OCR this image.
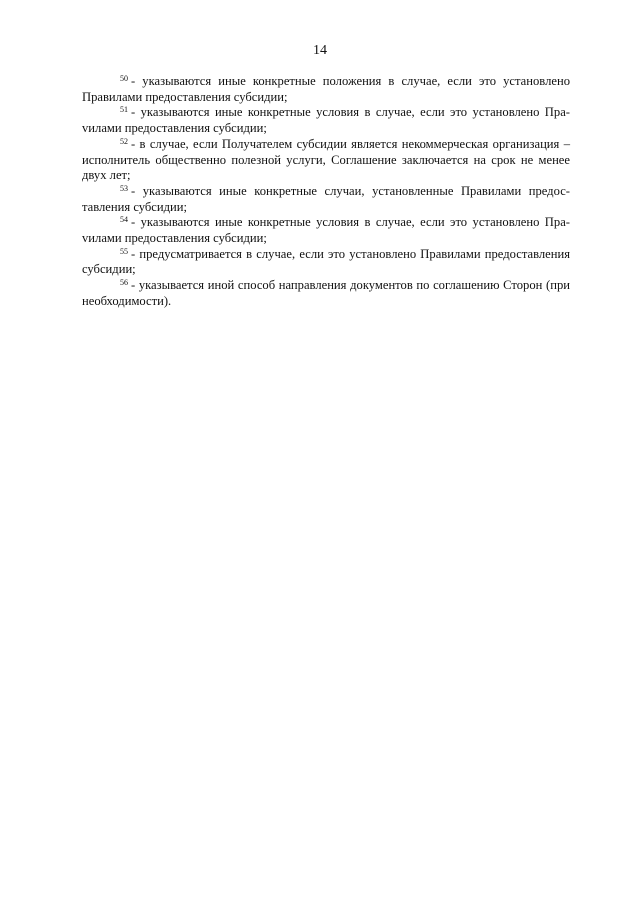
14

$^{50}$ - указываются иные конкретные положения в случае, если это установлено Правилами предоставления субсидии;

$^{51}$ - указываются иные конкретные условия в случае, если это установлено Праvилами предоставления субсидии;

$^{52}$ - в случае, если Получателем субсидии является некоммерческая организация – исполнитель общественно полезной услуги, Соглашение заключается на срок не менее двух лет;

$^{53}$ - указываются иные конкретные случаи, установленные Правилами предоставления субсидии;

$^{54}$ - указываются иные конкретные условия в случае, если это установлено Праvилами предоставления субсидии;

$^{55}$ - предусматривается в случае, если это установлено Правилами предоставления субсидии;

$^{56}$ - указывается иной способ направления документов по соглашению Сторон (при необходимости).
